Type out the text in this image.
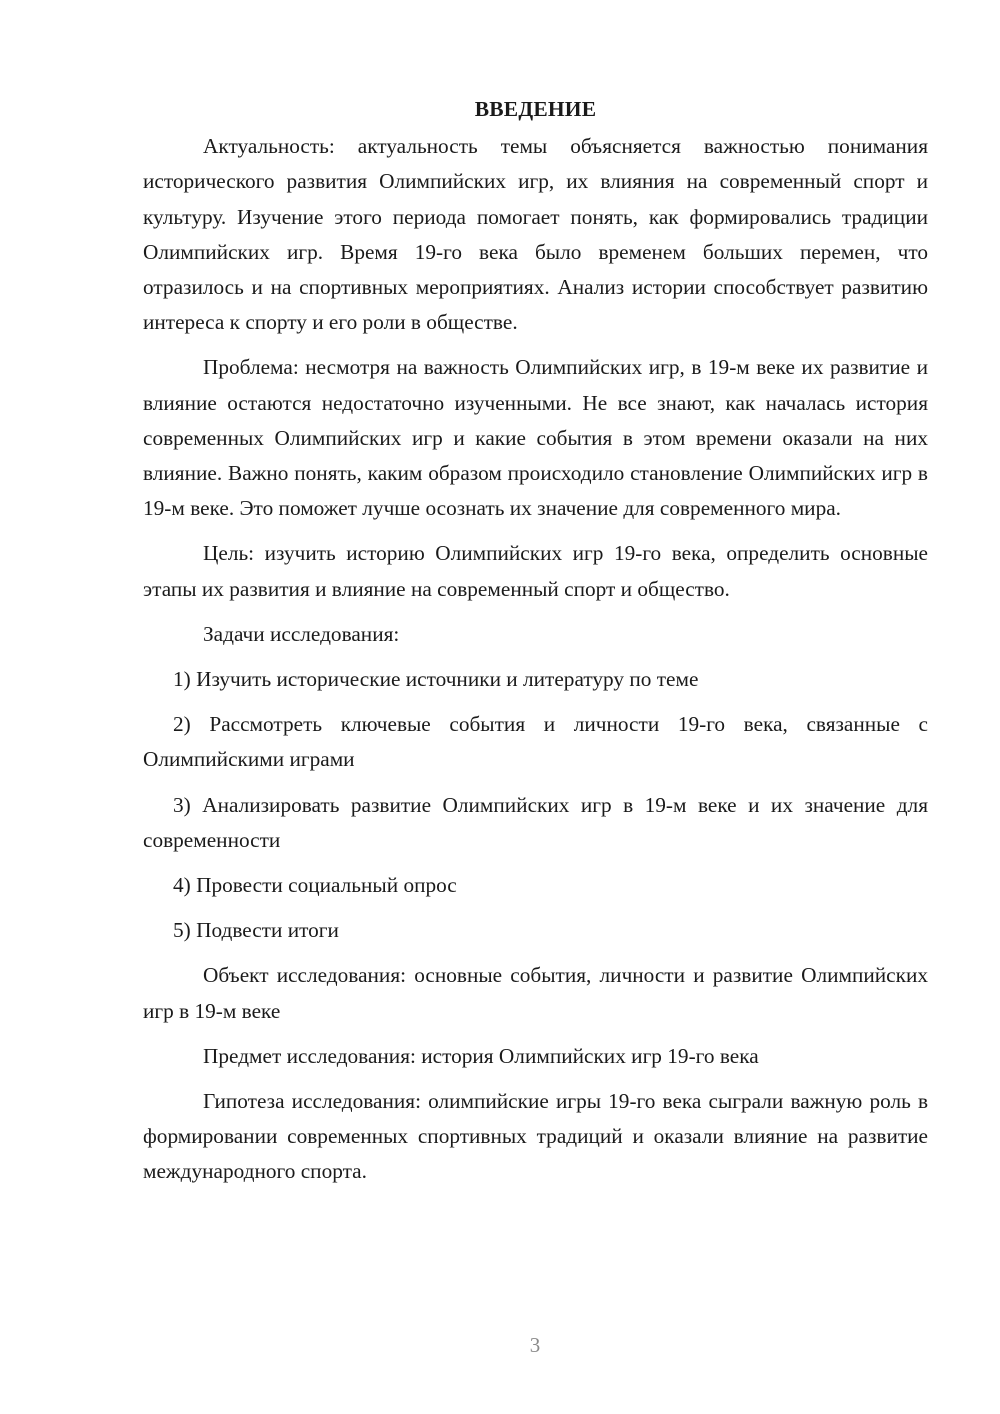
ВВЕДЕНИЕ

Актуальность: актуальность темы объясняется важностью понимания исторического развития Олимпийских игр, их влияния на современный спорт и культуру. Изучение этого периода помогает понять, как формировались традиции Олимпийских игр. Время 19-го века было временем больших перемен, что отразилось и на спортивных мероприятиях. Анализ истории способствует развитию интереса к спорту и его роли в обществе.

Проблема: несмотря на важность Олимпийских игр, в 19-м веке их развитие и влияние остаются недостаточно изученными. Не все знают, как началась история современных Олимпийских игр и какие события в этом времени оказали на них влияние. Важно понять, каким образом происходило становление Олимпийских игр в 19-м веке. Это поможет лучше осознать их значение для современного мира.

Цель: изучить историю Олимпийских игр 19-го века, определить основные этапы их развития и влияние на современный спорт и общество.

Задачи исследования:

1) Изучить исторические источники и литературу по теме

2) Рассмотреть ключевые события и личности 19-го века, связанные с Олимпийскими играми

3) Анализировать развитие Олимпийских игр в 19-м веке и их значение для современности

4) Провести социальный опрос

5) Подвести итоги

Объект исследования: основные события, личности и развитие Олимпийских игр в 19-м веке

Предмет исследования: история Олимпийских игр 19-го века

Гипотеза исследования: олимпийские игры 19-го века сыграли важную роль в формировании современных спортивных традиций и оказали влияние на развитие международного спорта.

3
